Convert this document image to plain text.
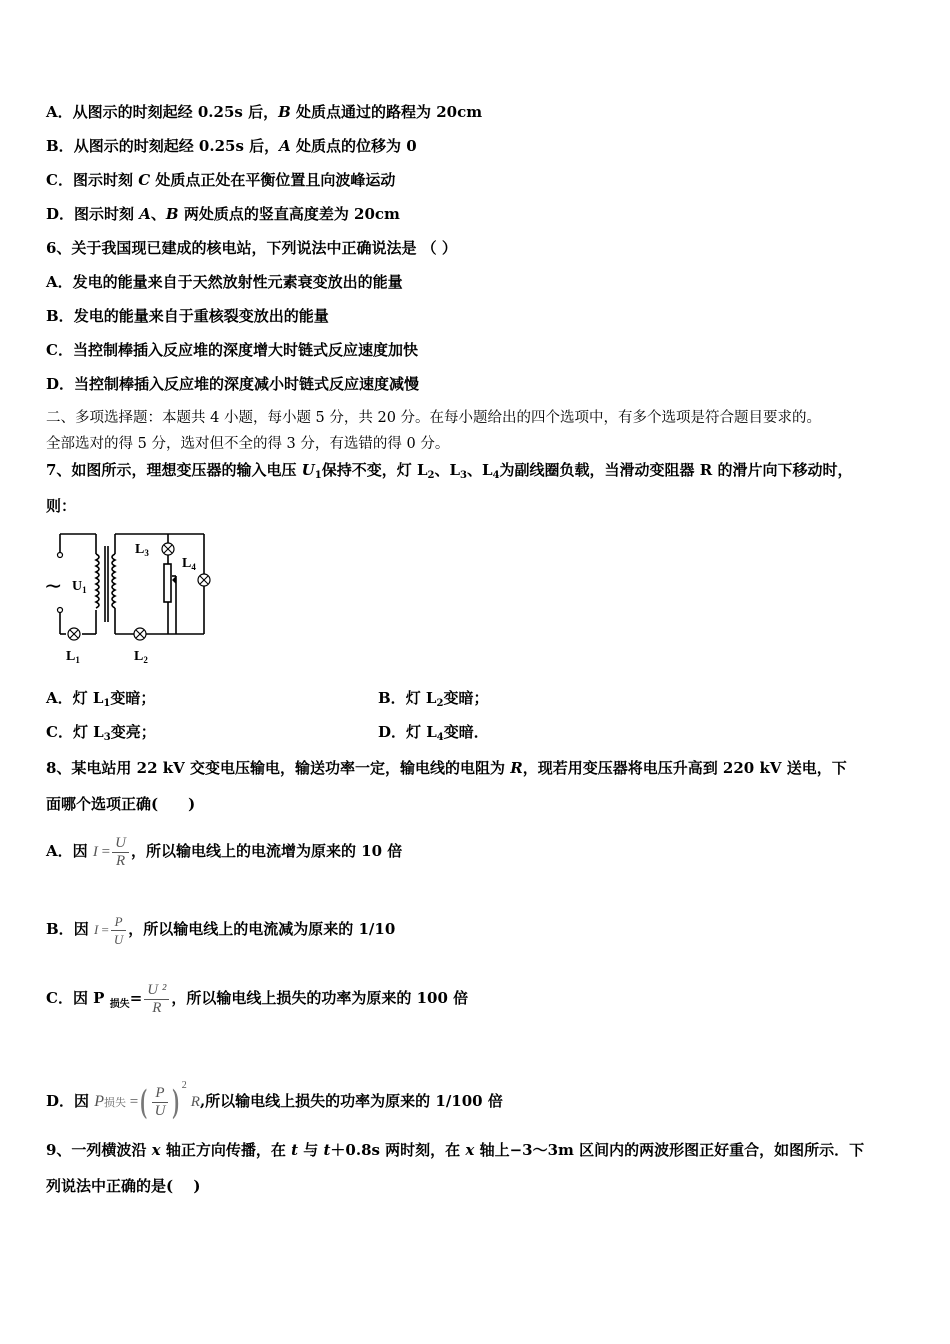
A．从图示的时刻起经 0.25s 后，B 处质点通过的路程为 20cm
B．从图示的时刻起经 0.25s 后，A 处质点的位移为 0
C．图示时刻 C 处质点正处在平衡位置且向波峰运动
D．图示时刻 A、B 两处质点的竖直高度差为 20cm
6、关于我国现已建成的核电站，下列说法中正确说法是 （ ）
A．发电的能量来自于天然放射性元素衰变放出的能量
B．发电的能量来自于重核裂变放出的能量
C．当控制棒插入反应堆的深度增大时链式反应速度加快
D．当控制棒插入反应堆的深度减小时链式反应速度减慢
二、多项选择题：本题共 4 小题，每小题 5 分，共 20 分。在每小题给出的四个选项中，有多个选项是符合题目要求的。
全部选对的得 5 分，选对但不全的得 3 分，有选错的得 0 分。
7、如图所示，理想变压器的输入电压 $U_1$保持不变，灯 $L_2$、$L_3$、$L_4$为副线圈负载，当滑动变阻器 R 的滑片向下移动时，
则：
∼ $U_1$
$L_1$	$L_2$
$L_3$
$L_4$
A．灯 $L_1$变暗；	B．灯 $L_2$变暗；
C．灯 $L_3$变亮；	D．灯 $L_4$变暗．
8、某电站用 22 kV 交变电压输电，输送功率一定，输电线的电阻为 R，现若用变压器将电压升高到 220 kV 送电，下
面哪个选项正确(　　)
A．因 $I = \frac{U}{R}$ ，所以输电线上的电流增为原来的 10 倍
B．因 $I = \frac{P}{U}$ ，所以输电线上的电流减为原来的 1/10
C．因 P $_{损失}= \frac{\text{U ²}}{R}$ ，所以输电线上损失的功率为原来的 100 倍
D．因 P损失 =( $\frac{P}{U}$ ) $^2$R,所以输电线上损失的功率为原来的 1/100 倍
9、一列横波沿 x 轴正方向传播，在 t 与 t＋0.8s 两时刻，在 x 轴上−3～3m 区间内的两波形图正好重合，如图所示．下
列说法中正确的是(　 )
